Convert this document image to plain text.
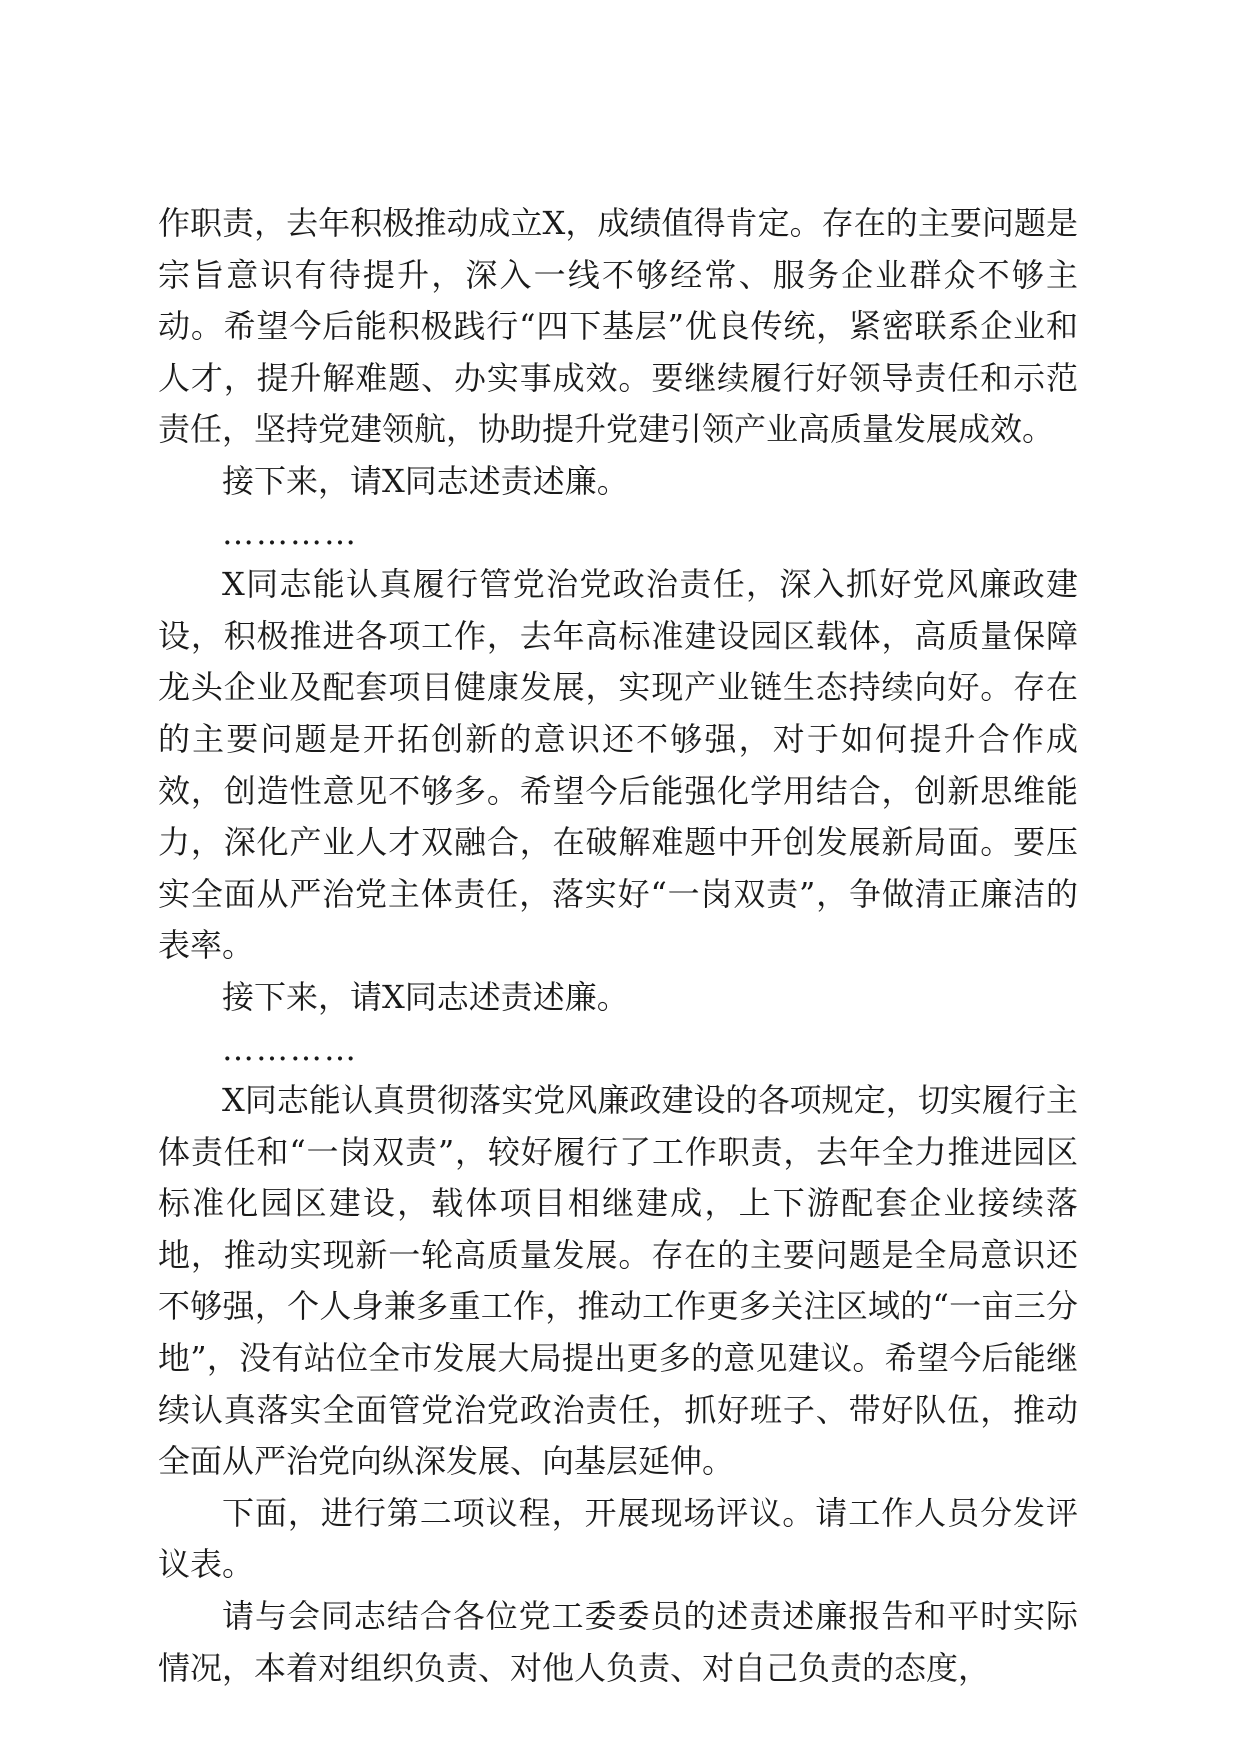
作职责，去年积极推动成立X，成绩值得肯定。存在的主要问题是宗旨意识有待提升，深入一线不够经常、服务企业群众不够主动。希望今后能积极践行“四下基层”优良传统，紧密联系企业和人才，提升解难题、办实事成效。要继续履行好领导责任和示范责任，坚持党建领航，协助提升党建引领产业高质量发展成效。

接下来，请X同志述责述廉。

…………

X同志能认真履行管党治党政治责任，深入抓好党风廉政建设，积极推进各项工作，去年高标准建设园区载体，高质量保障龙头企业及配套项目健康发展，实现产业链生态持续向好。存在的主要问题是开拓创新的意识还不够强，对于如何提升合作成效，创造性意见不够多。希望今后能强化学用结合，创新思维能力，深化产业人才双融合，在破解难题中开创发展新局面。要压实全面从严治党主体责任，落实好“一岗双责”，争做清正廉洁的表率。

接下来，请X同志述责述廉。

…………

X同志能认真贯彻落实党风廉政建设的各项规定，切实履行主体责任和“一岗双责”，较好履行了工作职责，去年全力推进园区标准化园区建设，载体项目相继建成，上下游配套企业接续落地，推动实现新一轮高质量发展。存在的主要问题是全局意识还不够强，个人身兼多重工作，推动工作更多关注区域的“一亩三分地”，没有站位全市发展大局提出更多的意见建议。希望今后能继续认真落实全面管党治党政治责任，抓好班子、带好队伍，推动全面从严治党向纵深发展、向基层延伸。

下面，进行第二项议程，开展现场评议。请工作人员分发评议表。

请与会同志结合各位党工委委员的述责述廉报告和平时实际情况，本着对组织负责、对他人负责、对自己负责的态度，
